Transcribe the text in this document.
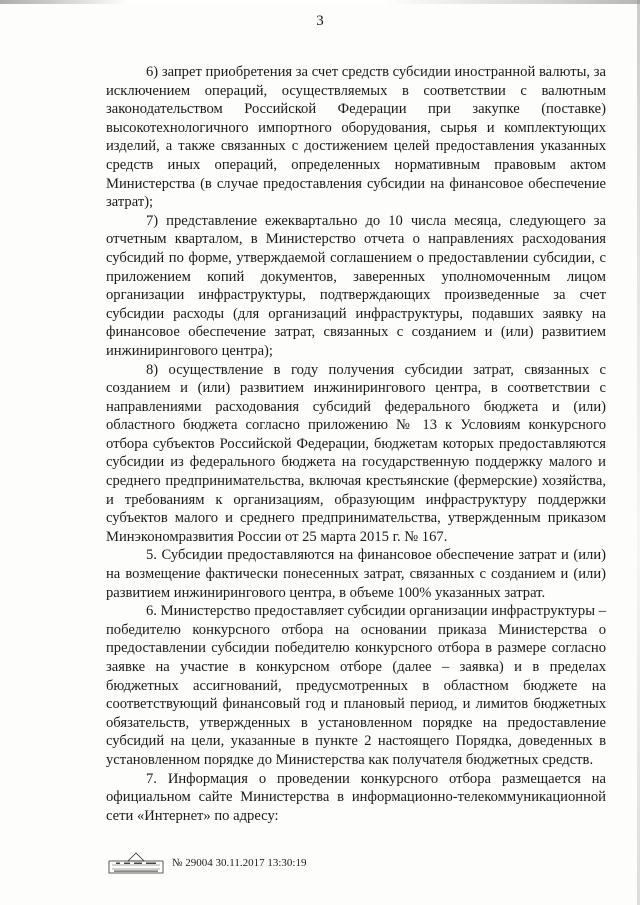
3

6) запрет приобретения за счет средств субсидии иностранной валюты, за исключением операций, осуществляемых в соответствии с валютным законодательством Российской Федерации при закупке (поставке) высокотехнологичного импортного оборудования, сырья и комплектующих изделий, а также связанных с достижением целей предоставления указанных средств иных операций, определенных нормативным правовым актом Министерства (в случае предоставления субсидии на финансовое обеспечение затрат);

7) представление ежеквартально до 10 числа месяца, следующего за отчетным кварталом, в Министерство отчета о направлениях расходования субсидий по форме, утверждаемой соглашением о предоставлении субсидии, с приложением копий документов, заверенных уполномоченным лицом организации инфраструктуры, подтверждающих произведенные за счет субсидии расходы (для организаций инфраструктуры, подавших заявку на финансовое обеспечение затрат, связанных с созданием и (или) развитием инжинирингового центра);

8) осуществление в году получения субсидии затрат, связанных с созданием и (или) развитием инжинирингового центра, в соответствии с направлениями расходования субсидий федерального бюджета и (или) областного бюджета согласно приложению № 13 к Условиям конкурсного отбора субъектов Российской Федерации, бюджетам которых предоставляются субсидии из федерального бюджета на государственную поддержку малого и среднего предпринимательства, включая крестьянские (фермерские) хозяйства, и требованиям к организациям, образующим инфраструктуру поддержки субъектов малого и среднего предпринимательства, утвержденным приказом Минэкономразвития России от 25 марта 2015 г. № 167.

5. Субсидии предоставляются на финансовое обеспечение затрат и (или) на возмещение фактически понесенных затрат, связанных с созданием и (или) развитием инжинирингового центра, в объеме 100% указанных затрат.

6. Министерство предоставляет субсидии организации инфраструктуры – победителю конкурсного отбора на основании приказа Министерства о предоставлении субсидии победителю конкурсного отбора в размере согласно заявке на участие в конкурсном отборе (далее – заявка) и в пределах бюджетных ассигнований, предусмотренных в областном бюджете на соответствующий финансовый год и плановый период, и лимитов бюджетных обязательств, утвержденных в установленном порядке на предоставление субсидий на цели, указанные в пункте 2 настоящего Порядка, доведенных в установленном порядке до Министерства как получателя бюджетных средств.

7. Информация о проведении конкурсного отбора размещается на официальном сайте Министерства в информационно-телекоммуникационной сети «Интернет» по адресу:

№ 29004 30.11.2017 13:30:19
